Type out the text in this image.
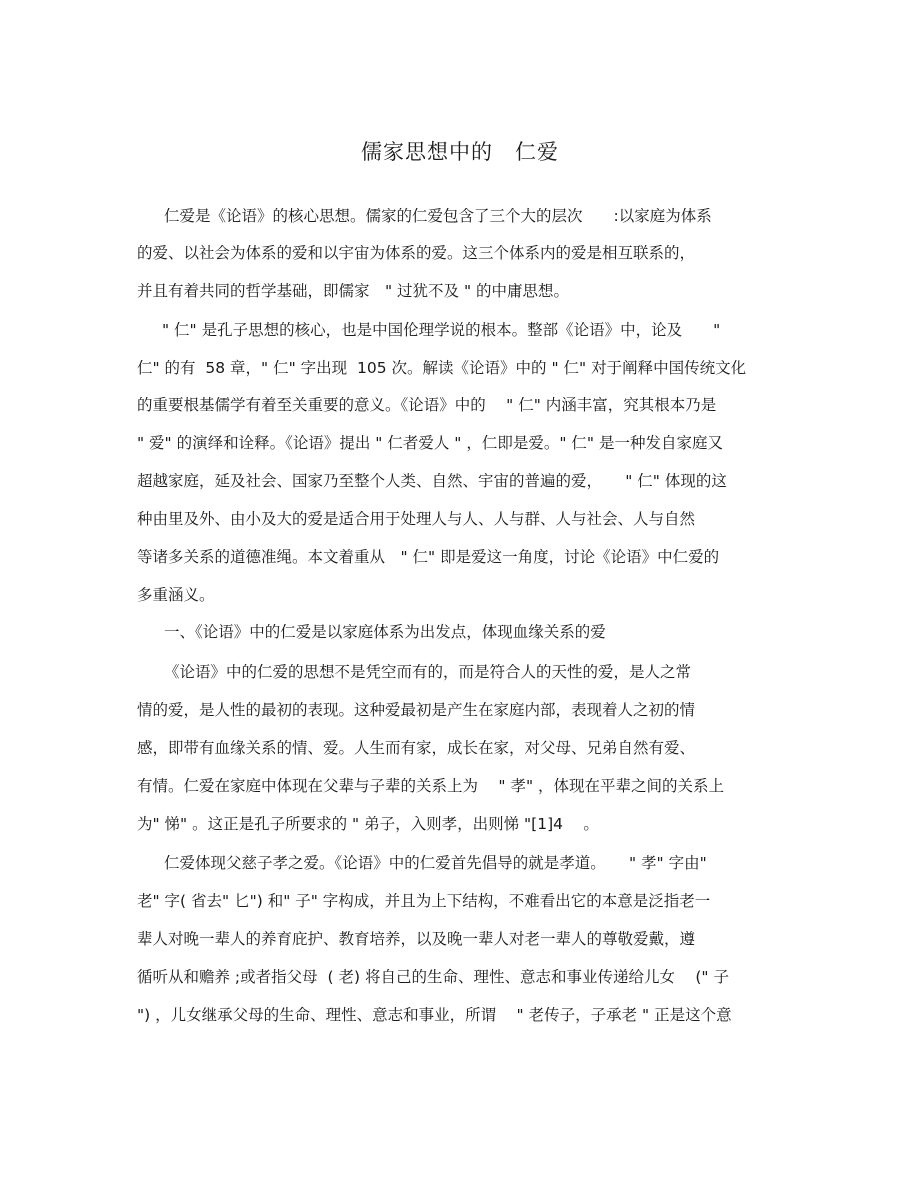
儒家思想中的　仁爱
仁爱是《论语》的核心思想。儒家的仁爱包含了三个大的层次　　:以家庭为体系
的爱、以社会为体系的爱和以宇宙为体系的爱。这三个体系内的爱是相互联系的，
并且有着共同的哲学基础，即儒家　" 过犹不及 " 的中庸思想。
" 仁" 是孔子思想的核心，也是中国伦理学说的根本。整部《论语》中，论及　　"
仁" 的有  58 章，" 仁" 字出现  105 次。解读《论语》中的 " 仁" 对于阐释中国传统文化
的重要根基儒学有着至关重要的意义。《论语》中的　 " 仁" 内涵丰富，究其根本乃是
" 爱" 的演绎和诠释。《论语》提出 " 仁者爱人 " ，仁即是爱。" 仁" 是一种发自家庭又
超越家庭，延及社会、国家乃至整个人类、自然、宇宙的普遍的爱，　　" 仁" 体现的这
种由里及外、由小及大的爱是适合用于处理人与人、人与群、人与社会、人与自然
等诸多关系的道德准绳。本文着重从　" 仁" 即是爱这一角度，讨论《论语》中仁爱的
多重涵义。
一、《论语》中的仁爱是以家庭体系为出发点，体现血缘关系的爱
《论语》中的仁爱的思想不是凭空而有的，而是符合人的天性的爱，是人之常
情的爱，是人性的最初的表现。这种爱最初是产生在家庭内部，表现着人之初的情
感，即带有血缘关系的情、爱。人生而有家，成长在家，对父母、兄弟自然有爱、
有情。仁爱在家庭中体现在父辈与子辈的关系上为　 " 孝" ，体现在平辈之间的关系上
为" 悌" 。这正是孔子所要求的 " 弟子，入则孝，出则悌 "[1]4 　。
仁爱体现父慈子孝之爱。《论语》中的仁爱首先倡导的就是孝道。　　" 孝" 字由"
老" 字( 省去" 匕") 和" 子" 字构成，并且为上下结构，不难看出它的本意是泛指老一
辈人对晚一辈人的养育庇护、教育培养，以及晚一辈人对老一辈人的尊敬爱戴，遵
循听从和赡养 ;或者指父母  ( 老) 将自己的生命、理性、意志和事业传递给儿女　 (" 子
") ，儿女继承父母的生命、理性、意志和事业，所谓　 " 老传子，子承老 " 正是这个意
